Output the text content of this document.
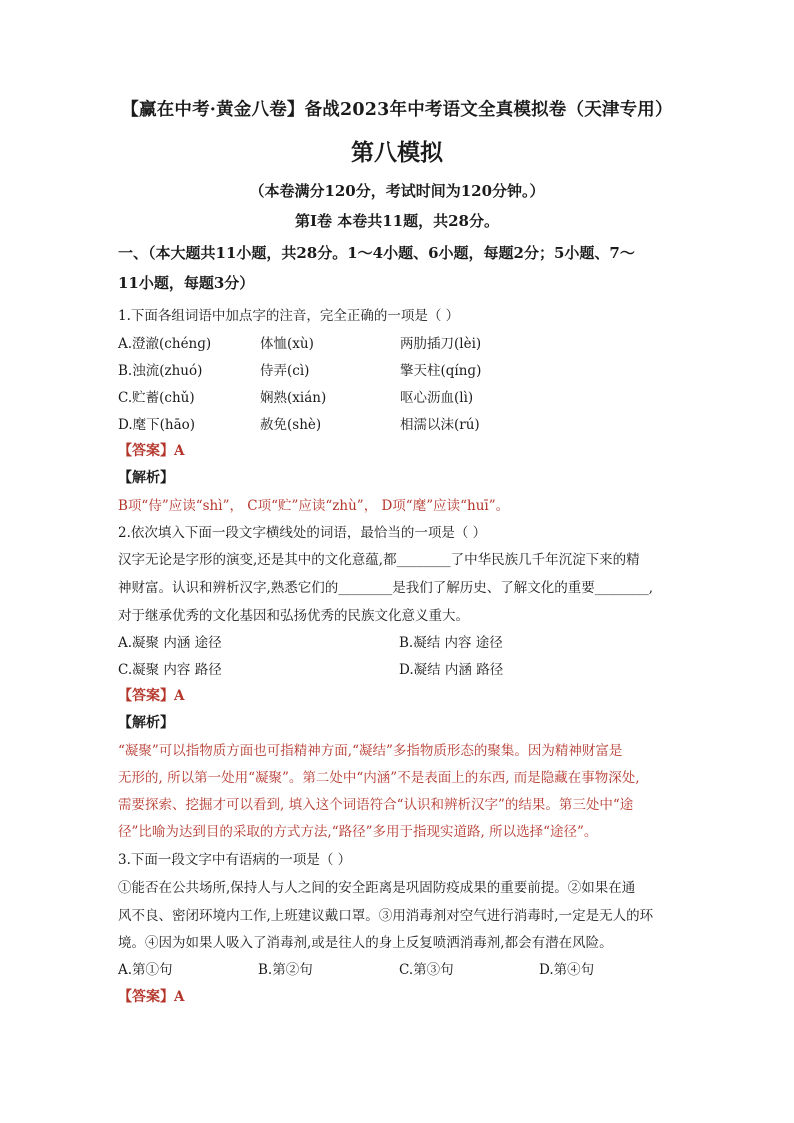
【赢在中考·黄金八卷】备战2023年中考语文全真模拟卷（天津专用）
第八模拟
（本卷满分120分，考试时间为120分钟。）
第Ⅰ卷 本卷共11题，共28分。
一、（本大题共11小题，共28分。1～4小题、6小题，每题2分；5小题、7～
11小题，每题3分）
1.下面各组词语中加点字的注音，完全正确的一项是（ ）
A.澄澈(chénɡ)	体恤(xù)	两肋插刀(lèi)
B.浊流(zhuó)	侍弄(cì)	擎天柱(qínɡ)
C.贮蓄(chǔ)	娴熟(xián)	呕心沥血(lì)
D.麾下(hāo)	赦免(shè)	相濡以沫(rú)
【答案】A
【解析】
B项“侍”应读“shì”， C项“贮”应读“zhù”， D项“麾”应读“huī”。
2.依次填入下面一段文字横线处的词语，最恰当的一项是（ ）
汉字无论是字形的演变,还是其中的文化意蕴,都________了中华民族几千年沉淀下来的精
神财富。认识和辨析汉字,熟悉它们的________是我们了解历史、了解文化的重要________,
对于继承优秀的文化基因和弘扬优秀的民族文化意义重大。
A.凝聚 内涵 途径	B.凝结 内容 途径
C.凝聚 内容 路径	D.凝结 内涵 路径
【答案】A
【解析】
“凝聚”可以指物质方面也可指精神方面,“凝结”多指物质形态的聚集。因为精神财富是
无形的, 所以第一处用“凝聚”。第二处中“内涵”不是表面上的东西, 而是隐藏在事物深处,
需要探索、挖掘才可以看到, 填入这个词语符合“认识和辨析汉字”的结果。第三处中“途
径”比喻为达到目的采取的方式方法,“路径”多用于指现实道路, 所以选择“途径”。
3.下面一段文字中有语病的一项是（ ）
①能否在公共场所,保持人与人之间的安全距离是巩固防疫成果的重要前提。②如果在通
风不良、密闭环境内工作,上班建议戴口罩。③用消毒剂对空气进行消毒时,一定是无人的环
境。④因为如果人吸入了消毒剂,或是往人的身上反复喷洒消毒剂,都会有潜在风险。
A.第①句	B.第②句	C.第③句	D.第④句
【答案】A
